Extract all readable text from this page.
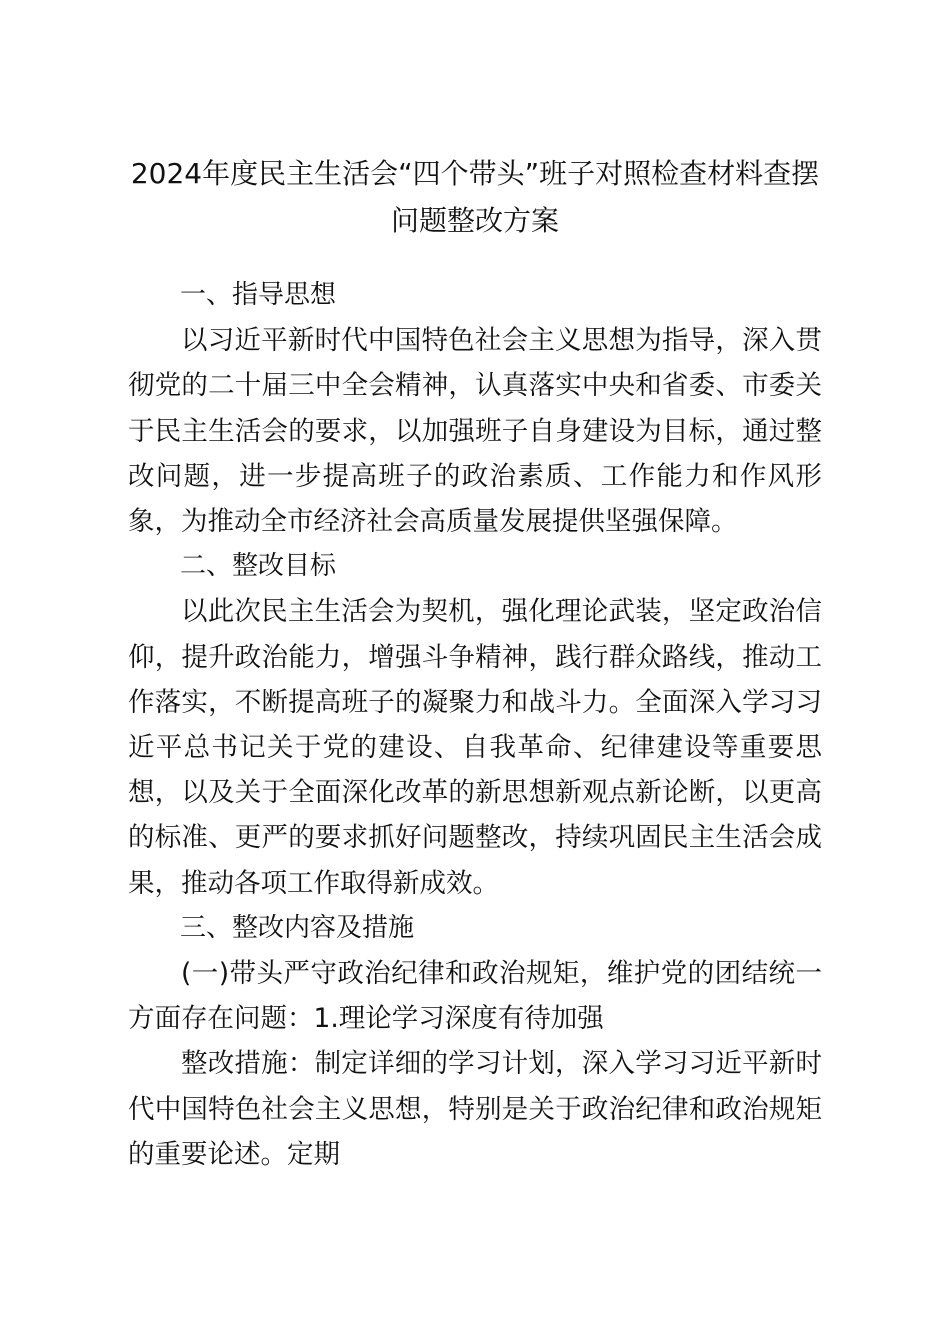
2024年度民主生活会“四个带头”班子对照检查材料查摆问题整改方案

一、指导思想

以习近平新时代中国特色社会主义思想为指导，深入贯彻党的二十届三中全会精神，认真落实中央和省委、市委关于民主生活会的要求，以加强班子自身建设为目标，通过整改问题，进一步提高班子的政治素质、工作能力和作风形象，为推动全市经济社会高质量发展提供坚强保障。

二、整改目标

以此次民主生活会为契机，强化理论武装，坚定政治信仰，提升政治能力，增强斗争精神，践行群众路线，推动工作落实，不断提高班子的凝聚力和战斗力。全面深入学习习近平总书记关于党的建设、自我革命、纪律建设等重要思想，以及关于全面深化改革的新思想新观点新论断，以更高的标准、更严的要求抓好问题整改，持续巩固民主生活会成果，推动各项工作取得新成效。

三、整改内容及措施

(一)带头严守政治纪律和政治规矩，维护党的团结统一方面存在问题：1.理论学习深度有待加强

整改措施：制定详细的学习计划，深入学习习近平新时代中国特色社会主义思想，特别是关于政治纪律和政治规矩的重要论述。定期
